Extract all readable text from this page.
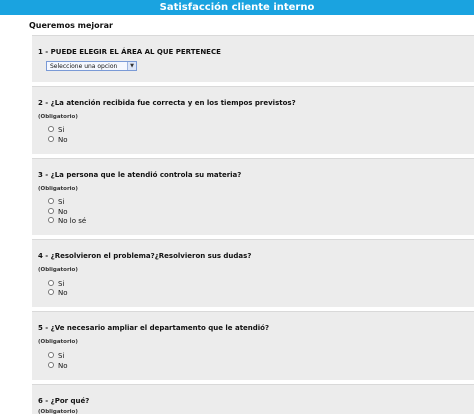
Satisfacción cliente interno
Queremos mejorar
1 - PUEDE ELEGIR EL ÁREA AL QUE PERTENECE
Seleccione una opcion	▼
2 - ¿La atención recibida fue correcta y en los tiempos previstos?
(Obligatorio)
Si
No
3 - ¿La persona que le atendió controla su materia?
(Obligatorio)
Si
No
No lo sé
4 - ¿Resolvieron el problema?¿Resolvieron sus dudas?
(Obligatorio)
Si
No
5 - ¿Ve necesario ampliar el departamento que le atendió?
(Obligatorio)
Si
No
6 - ¿Por qué?
(Obligatorio)
